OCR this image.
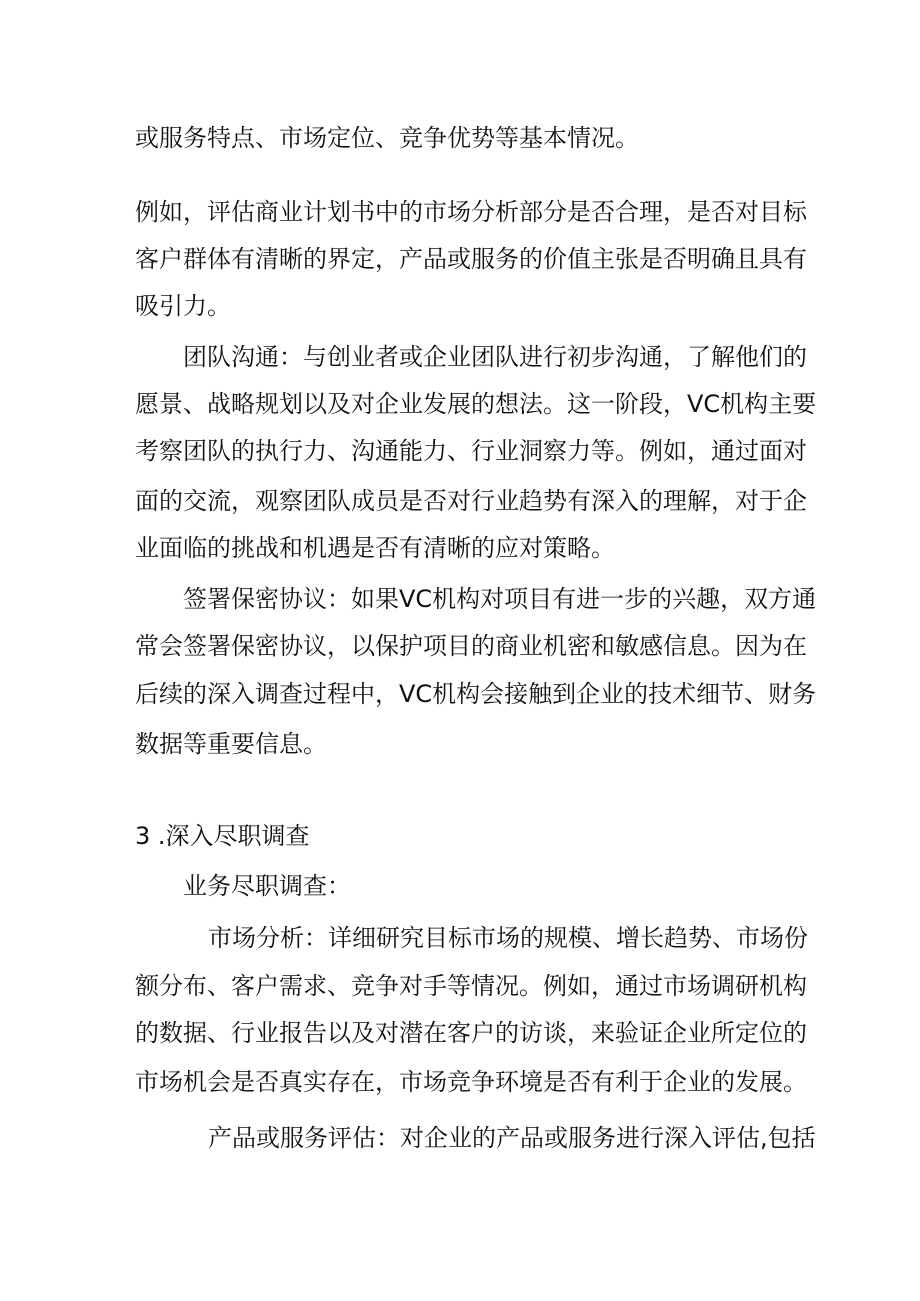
或服务特点、市场定位、竞争优势等基本情况。
例如，评估商业计划书中的市场分析部分是否合理，是否对目标
客户群体有清晰的界定，产品或服务的价值主张是否明确且具有
吸引力。
团队沟通：与创业者或企业团队进行初步沟通，了解他们的
愿景、战略规划以及对企业发展的想法。这一阶段，VC机构主要
考察团队的执行力、沟通能力、行业洞察力等。例如，通过面对
面的交流，观察团队成员是否对行业趋势有深入的理解，对于企
业面临的挑战和机遇是否有清晰的应对策略。
签署保密协议：如果VC机构对项目有进一步的兴趣，双方通
常会签署保密协议，以保护项目的商业机密和敏感信息。因为在
后续的深入调查过程中，VC机构会接触到企业的技术细节、财务
数据等重要信息。
3 .深入尽职调查
业务尽职调查：
市场分析：详细研究目标市场的规模、增长趋势、市场份
额分布、客户需求、竞争对手等情况。例如，通过市场调研机构
的数据、行业报告以及对潜在客户的访谈，来验证企业所定位的
市场机会是否真实存在，市场竞争环境是否有利于企业的发展。
产品或服务评估：对企业的产品或服务进行深入评估,包括
